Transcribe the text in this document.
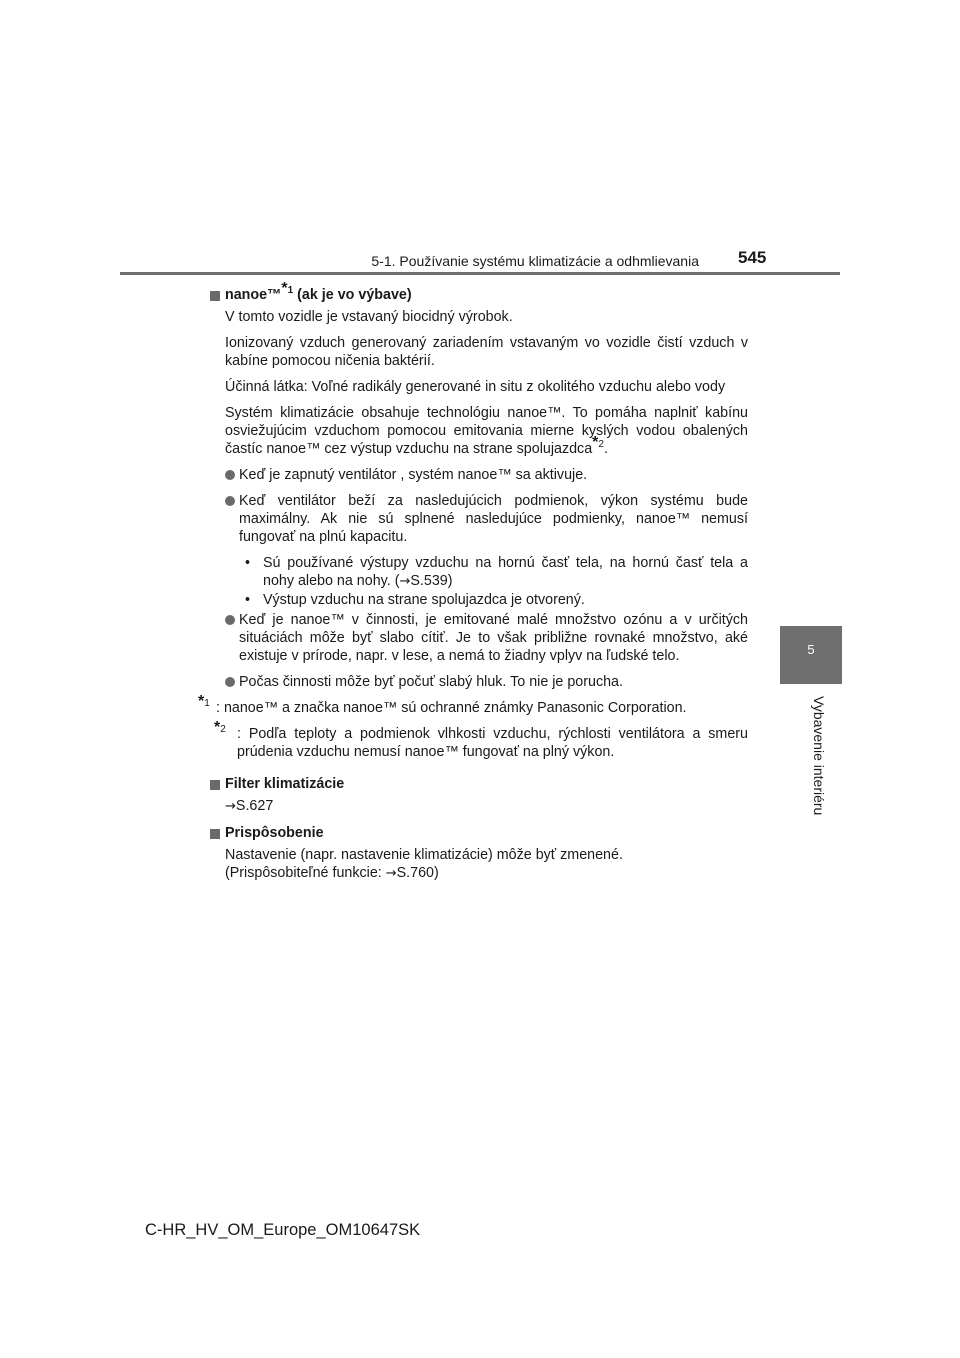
5-1. Používanie systému klimatizácie a odhmlievania 545
5
Vybavenie interiéru
nanoe™$^{*1}$ (ak je vo výbave)
V tomto vozidle je vstavaný biocidný výrobok.
Ionizovaný vzduch generovaný zariadením vstavaným vo vozidle čistí vzduch v kabíne pomocou ničenia baktérií.
Účinná látka: Voľné radikály generované in situ z okolitého vzduchu alebo vody
Systém klimatizácie obsahuje technológiu nanoe™. To pomáha naplniť kabínu osviežujúcim vzduchom pomocou emitovania mierne kyslých vodou obalených častíc nanoe™ cez výstup vzduchu na strane spolujazdca$^{*2}$.
Keď je zapnutý ventilátor , systém nanoe™ sa aktivuje.
Keď ventilátor beží za nasledujúcich podmienok, výkon systému bude maximálny. Ak nie sú splnené nasledujúce podmienky, nanoe™ nemusí fungovať na plnú kapacitu.
• Sú používané výstupy vzduchu na hornú časť tela, na hornú časť tela a nohy alebo na nohy. (→S.539)
• Výstup vzduchu na strane spolujazdca je otvorený.
Keď je nanoe™ v činnosti, je emitované malé množstvo ozónu a v určitých situáciách môže byť slabo cítiť. Je to však približne rovnaké množstvo, aké existuje v prírode, napr. v lese, a nemá to žiadny vplyv na ľudské telo.
Počas činnosti môže byť počuť slabý hluk. To nie je porucha.
$^{*1}$ : nanoe™ a značka nanoe™ sú ochranné známky Panasonic Corporation.
$^{*2}$ : Podľa teploty a podmienok vlhkosti vzduchu, rýchlosti ventilátora a smeru prúdenia vzduchu nemusí nanoe™ fungovať na plný výkon.
Filter klimatizácie
→S.627
Prispôsobenie
Nastavenie (napr. nastavenie klimatizácie) môže byť zmenené.
(Prispôsobiteľné funkcie: →S.760)
C-HR_HV_OM_Europe_OM10647SK
